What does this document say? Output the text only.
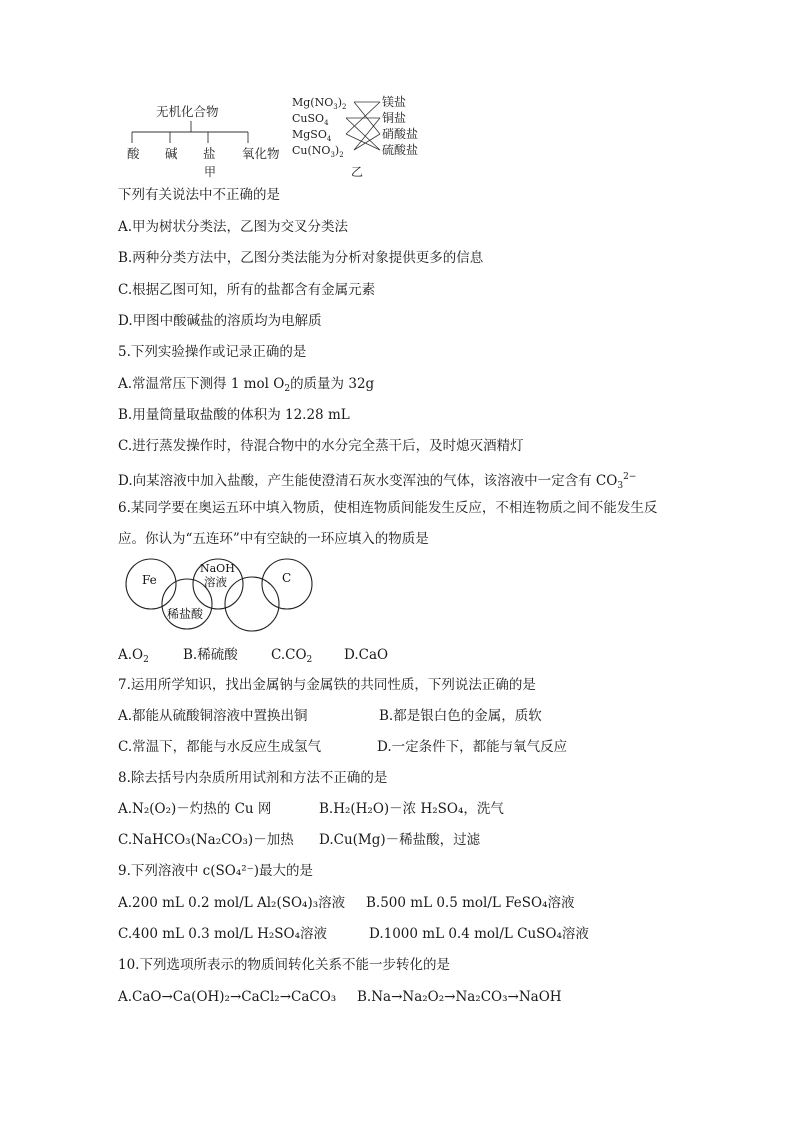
无机化合物
酸 碱 盐 氧化物
甲
$Mg(NO_3)_2$
CuSO$_4$
MgSO$_4$
$Cu(NO_3)_2$
镁盐
铜盐
硝酸盐
硫酸盐
乙
下列有关说法中不正确的是
A.甲为树状分类法，乙图为交叉分类法
B.两种分类方法中，乙图分类法能为分析对象提供更多的信息
C.根据乙图可知，所有的盐都含有金属元素
D.甲图中酸碱盐的溶质均为电解质
5.下列实验操作或记录正确的是
A.常温常压下测得 1 mol $O_2$的质量为 32g
B.用量筒量取盐酸的体积为 12.28 mL
C.进行蒸发操作时，待混合物中的水分完全蒸干后，及时熄灭酒精灯
D.向某溶液中加入盐酸，产生能使澄清石灰水变浑浊的气体，该溶液中一定含有 $CO_3^{2-}$
6.某同学要在奥运五环中填入物质，使相连物质间能发生反应，不相连物质之间不能发生反
应。你认为“五连环”中有空缺的一环应填入的物质是
Fe
NaOH
溶液	C
稀盐酸
$A.O_2$	B.稀硫酸 $C.CO_2$ D.CaO
7.运用所学知识，找出金属钠与金属铁的共同性质，下列说法正确的是
A.都能从硫酸铜溶液中置换出铜	B.都是银白色的金属，质软
C.常温下，都能与水反应生成氢气	D.一定条件下，都能与氧气反应
8.除去括号内杂质所用试剂和方法不正确的是
A.N₂(O₂)－灼热的 Cu 网	B.H₂(H₂O)－浓 H₂SO₄，洗气
C.NaHCO₃(Na₂CO₃)－加热 D.Cu(Mg)－稀盐酸，过滤
9.下列溶液中 c(SO₄²⁻)最大的是
A.200 mL 0.2 mol/L Al₂(SO₄)₃溶液 B.500 mL 0.5 mol/L FeSO₄溶液
C.400 mL 0.3 mol/L H₂SO₄溶液	D.1000 mL 0.4 mol/L CuSO₄溶液
10.下列选项所表示的物质间转化关系不能一步转化的是
A.CaO→Ca(OH)₂→CaCl₂→CaCO₃ B.Na→Na₂O₂→Na₂CO₃→NaOH
